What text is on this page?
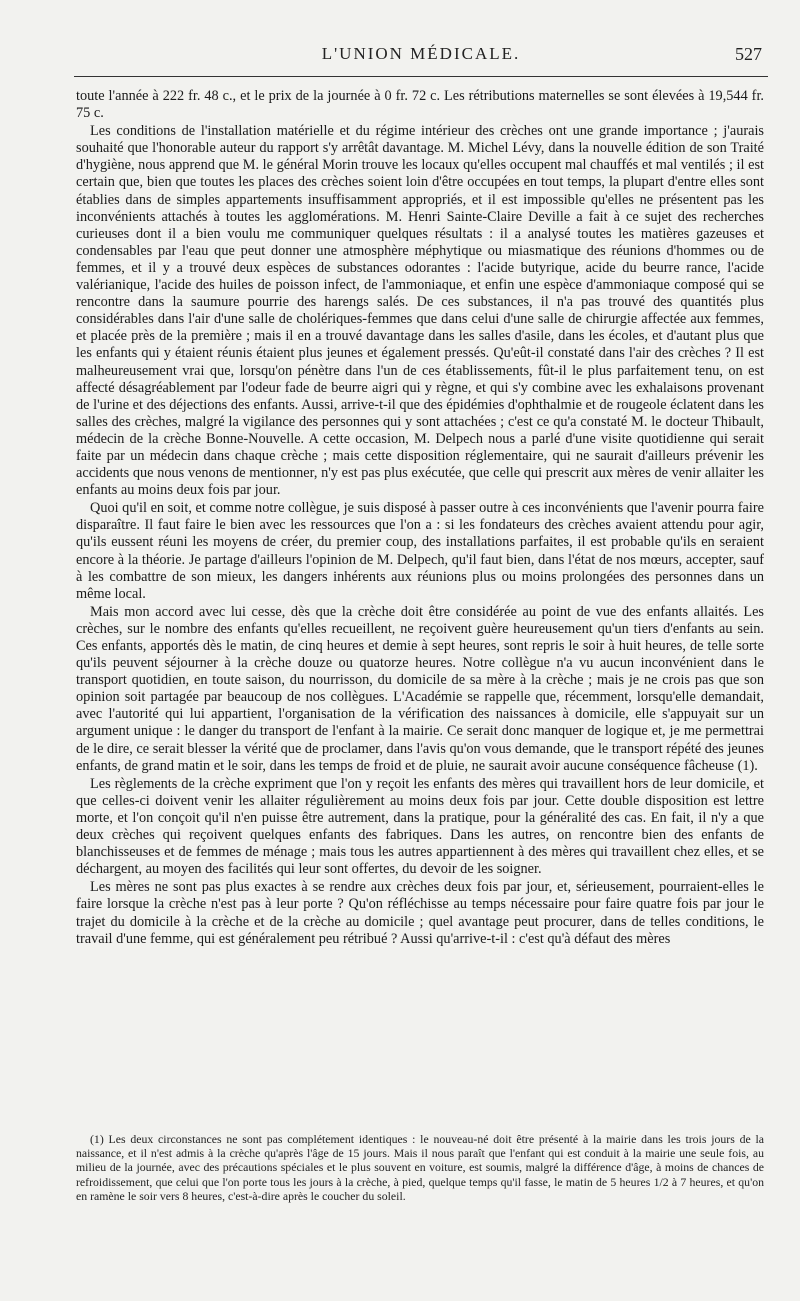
L'UNION MÉDICALE.	527

toute l'année à 222 fr. 48 c., et le prix de la journée à 0 fr. 72 c. Les rétributions maternelles se sont élevées à 19,544 fr. 75 c.

Les conditions de l'installation matérielle et du régime intérieur des crèches ont une grande importance ; j'aurais souhaité que l'honorable auteur du rapport s'y arrêtât davantage. M. Michel Lévy, dans la nouvelle édition de son Traité d'hygiène, nous apprend que M. le général Morin trouve les locaux qu'elles occupent mal chauffés et mal ventilés ; il est certain que, bien que toutes les places des crèches soient loin d'être occupées en tout temps, la plupart d'entre elles sont établies dans de simples appartements insuffisamment appropriés, et il est impossible qu'elles ne présentent pas les inconvénients attachés à toutes les agglomérations. M. Henri Sainte-Claire Deville a fait à ce sujet des recherches curieuses dont il a bien voulu me communiquer quelques résultats : il a analysé toutes les matières gazeuses et condensables par l'eau que peut donner une atmosphère méphytique ou miasmatique des réunions d'hommes ou de femmes, et il y a trouvé deux espèces de substances odorantes : l'acide butyrique, acide du beurre rance, l'acide valérianique, l'acide des huiles de poisson infect, de l'ammoniaque, et enfin une espèce d'ammoniaque composé qui se rencontre dans la saumure pourrie des harengs salés. De ces substances, il n'a pas trouvé des quantités plus considérables dans l'air d'une salle de cholériques-femmes que dans celui d'une salle de chirurgie affectée aux femmes, et placée près de la première ; mais il en a trouvé davantage dans les salles d'asile, dans les écoles, et d'autant plus que les enfants qui y étaient réunis étaient plus jeunes et également pressés. Qu'eût-il constaté dans l'air des crèches ? Il est malheureusement vrai que, lorsqu'on pénètre dans l'un de ces établissements, fût-il le plus parfaitement tenu, on est affecté désagréablement par l'odeur fade de beurre aigri qui y règne, et qui s'y combine avec les exhalaisons provenant de l'urine et des déjections des enfants. Aussi, arrive-t-il que des épidémies d'ophthalmie et de rougeole éclatent dans les salles des crèches, malgré la vigilance des personnes qui y sont attachées ; c'est ce qu'a constaté M. le docteur Thibault, médecin de la crèche Bonne-Nouvelle. A cette occasion, M. Delpech nous a parlé d'une visite quotidienne qui serait faite par un médecin dans chaque crèche ; mais cette disposition réglementaire, qui ne saurait d'ailleurs prévenir les accidents que nous venons de mentionner, n'y est pas plus exécutée, que celle qui prescrit aux mères de venir allaiter les enfants au moins deux fois par jour.

Quoi qu'il en soit, et comme notre collègue, je suis disposé à passer outre à ces inconvénients que l'avenir pourra faire disparaître. Il faut faire le bien avec les ressources que l'on a : si les fondateurs des crèches avaient attendu pour agir, qu'ils eussent réuni les moyens de créer, du premier coup, des installations parfaites, il est probable qu'ils en seraient encore à la théorie. Je partage d'ailleurs l'opinion de M. Delpech, qu'il faut bien, dans l'état de nos mœurs, accepter, sauf à les combattre de son mieux, les dangers inhérents aux réunions plus ou moins prolongées des personnes dans un même local.

Mais mon accord avec lui cesse, dès que la crèche doit être considérée au point de vue des enfants allaités. Les crèches, sur le nombre des enfants qu'elles recueillent, ne reçoivent guère heureusement qu'un tiers d'enfants au sein. Ces enfants, apportés dès le matin, de cinq heures et demie à sept heures, sont repris le soir à huit heures, de telle sorte qu'ils peuvent séjourner à la crèche douze ou quatorze heures. Notre collègue n'a vu aucun inconvénient dans le transport quotidien, en toute saison, du nourrisson, du domicile de sa mère à la crèche ; mais je ne crois pas que son opinion soit partagée par beaucoup de nos collègues. L'Académie se rappelle que, récemment, lorsqu'elle demandait, avec l'autorité qui lui appartient, l'organisation de la vérification des naissances à domicile, elle s'appuyait sur un argument unique : le danger du transport de l'enfant à la mairie. Ce serait donc manquer de logique et, je me permettrai de le dire, ce serait blesser la vérité que de proclamer, dans l'avis qu'on vous demande, que le transport répété des jeunes enfants, de grand matin et le soir, dans les temps de froid et de pluie, ne saurait avoir aucune conséquence fâcheuse (1).

Les règlements de la crèche expriment que l'on y reçoit les enfants des mères qui travaillent hors de leur domicile, et que celles-ci doivent venir les allaiter régulièrement au moins deux fois par jour. Cette double disposition est lettre morte, et l'on conçoit qu'il n'en puisse être autrement, dans la pratique, pour la généralité des cas. En fait, il n'y a que deux crèches qui reçoivent quelques enfants des fabriques. Dans les autres, on rencontre bien des enfants de blanchisseuses et de femmes de ménage ; mais tous les autres appartiennent à des mères qui travaillent chez elles, et se déchargent, au moyen des facilités qui leur sont offertes, du devoir de les soigner.

Les mères ne sont pas plus exactes à se rendre aux crèches deux fois par jour, et, sérieusement, pourraient-elles le faire lorsque la crèche n'est pas à leur porte ? Qu'on réfléchisse au temps nécessaire pour faire quatre fois par jour le trajet du domicile à la crèche et de la crèche au domicile ; quel avantage peut procurer, dans de telles conditions, le travail d'une femme, qui est généralement peu rétribué ? Aussi qu'arrive-t-il : c'est qu'à défaut des mères

(1) Les deux circonstances ne sont pas complétement identiques : le nouveau-né doit être présenté à la mairie dans les trois jours de la naissance, et il n'est admis à la crèche qu'après l'âge de 15 jours. Mais il nous paraît que l'enfant qui est conduit à la mairie une seule fois, au milieu de la journée, avec des précautions spéciales et le plus souvent en voiture, est soumis, malgré la différence d'âge, à moins de chances de refroidissement, que celui que l'on porte tous les jours à la crèche, à pied, quelque temps qu'il fasse, le matin de 5 heures 1/2 à 7 heures, et qu'on en ramène le soir vers 8 heures, c'est-à-dire après le coucher du soleil.
